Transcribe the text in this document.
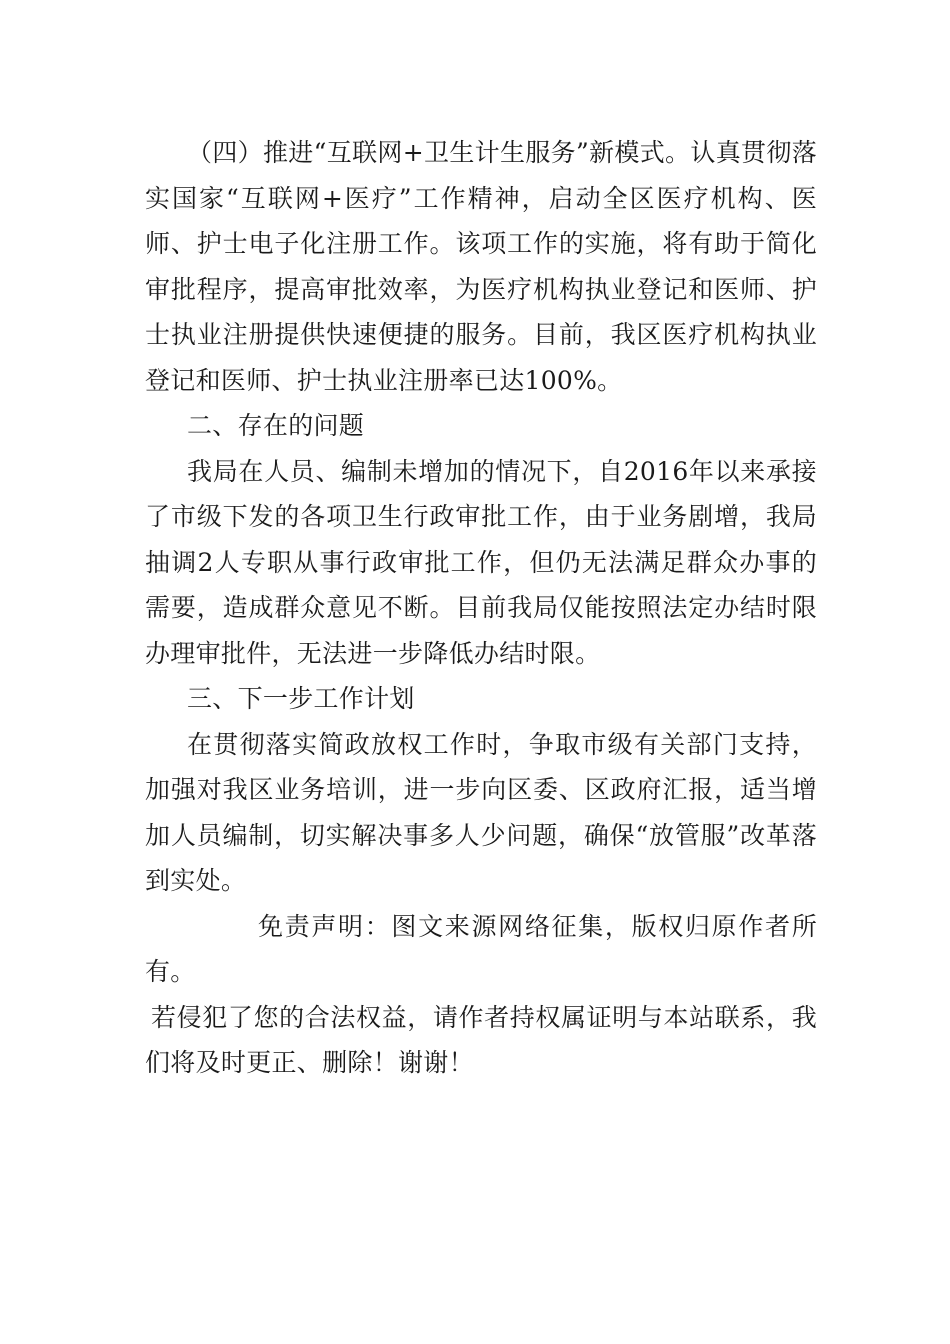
（四）推进“互联网+卫生计生服务”新模式。认真贯彻落实国家“互联网+医疗”工作精神，启动全区医疗机构、医师、护士电子化注册工作。该项工作的实施，将有助于简化审批程序，提高审批效率，为医疗机构执业登记和医师、护士执业注册提供快速便捷的服务。目前，我区医疗机构执业登记和医师、护士执业注册率已达100%。

二、存在的问题

我局在人员、编制未增加的情况下，自2016年以来承接了市级下发的各项卫生行政审批工作，由于业务剧增，我局抽调2人专职从事行政审批工作，但仍无法满足群众办事的需要，造成群众意见不断。目前我局仅能按照法定办结时限办理审批件，无法进一步降低办结时限。

三、下一步工作计划

在贯彻落实简政放权工作时，争取市级有关部门支持，加强对我区业务培训，进一步向区委、区政府汇报，适当增加人员编制，切实解决事多人少问题，确保“放管服”改革落到实处。

免责声明：图文来源网络征集，版权归原作者所有。

若侵犯了您的合法权益，请作者持权属证明与本站联系，我们将及时更正、删除！谢谢！
